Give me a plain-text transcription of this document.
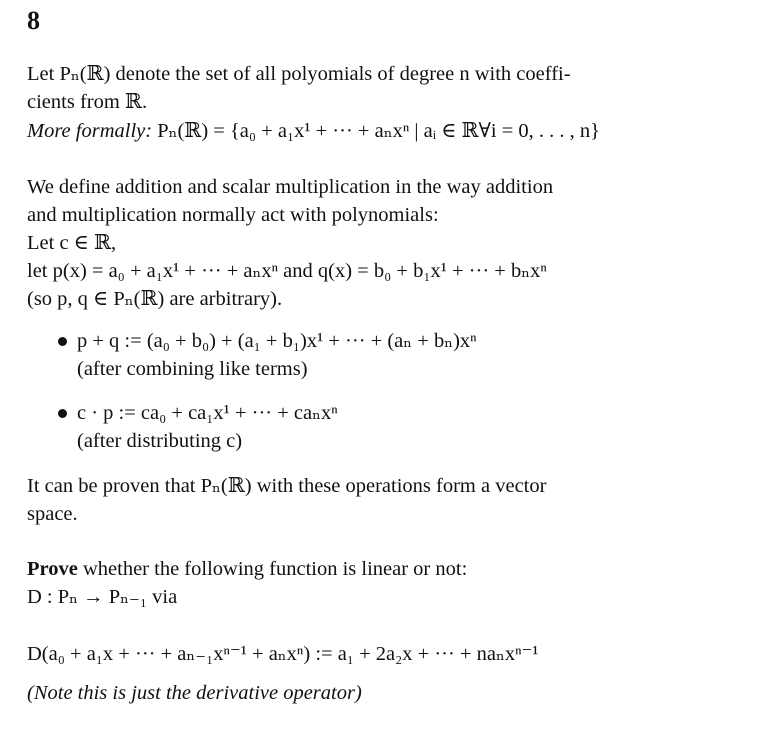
8
Let Pₙ(ℝ) denote the set of all polyomials of degree n with coeffi-
cients from ℝ.
More formally: Pₙ(ℝ) = {a₀ + a₁x¹ + ··· + aₙxⁿ | aᵢ ∈ ℝ∀i = 0, . . . , n}
We define addition and scalar multiplication in the way addition
and multiplication normally act with polynomials:
Let c ∈ ℝ,
let p(x) = a₀ + a₁x¹ + ··· + aₙxⁿ and q(x) = b₀ + b₁x¹ + ··· + bₙxⁿ
(so p, q ∈ Pₙ(ℝ) are arbitrary).
p + q := (a₀ + b₀) + (a₁ + b₁)x¹ + ··· + (aₙ + bₙ)xⁿ
(after combining like terms)
c · p := ca₀ + ca₁x¹ + ··· + caₙxⁿ
(after distributing c)
It can be proven that Pₙ(ℝ) with these operations form a vector
space.
Prove whether the following function is linear or not:
D : Pₙ → Pₙ₋₁ via
D(a₀ + a₁x + ··· + aₙ₋₁xⁿ⁻¹ + aₙxⁿ) := a₁ + 2a₂x + ··· + naₙxⁿ⁻¹
(Note this is just the derivative operator)
